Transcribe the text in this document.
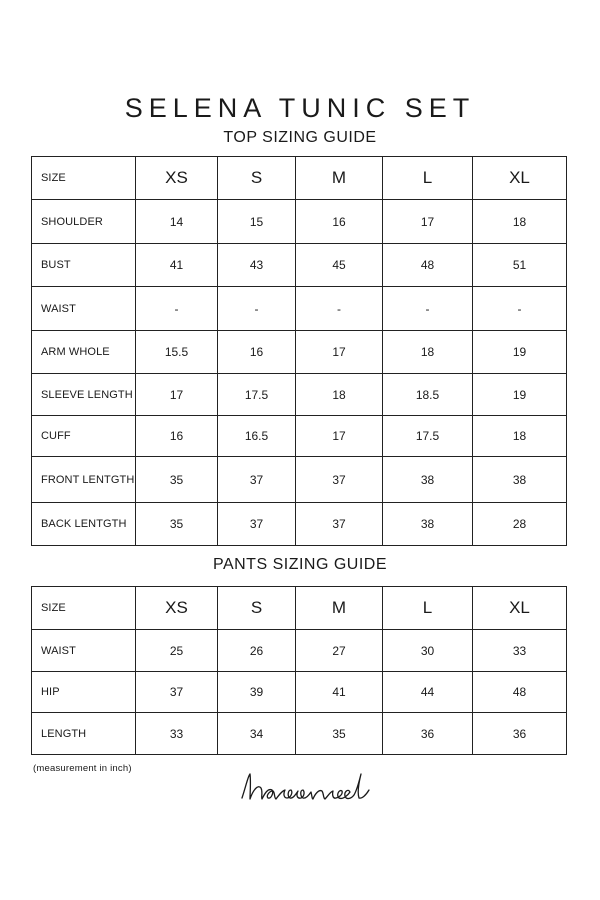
SELENA TUNIC SET
TOP SIZING GUIDE
SIZE	XS	S	M	L	XL
SHOULDER	14	15	16	17	18
BUST	41	43	45	48	51
WAIST	-	-	-	-	-
ARM WHOLE	15.5	16	17	18	19
SLEEVE LENGTH	17	17.5	18	18.5	19
CUFF	16	16.5	17	17.5	18
FRONT LENTGTH	35	37	37	38	38
BACK LENTGTH	35	37	37	38	28
PANTS SIZING GUIDE
SIZE	XS	S	M	L	XL
WAIST	25	26	27	30	33
HIP	37	39	41	44	48
LENGTH	33	34	35	36	36
(measurement in inch)
